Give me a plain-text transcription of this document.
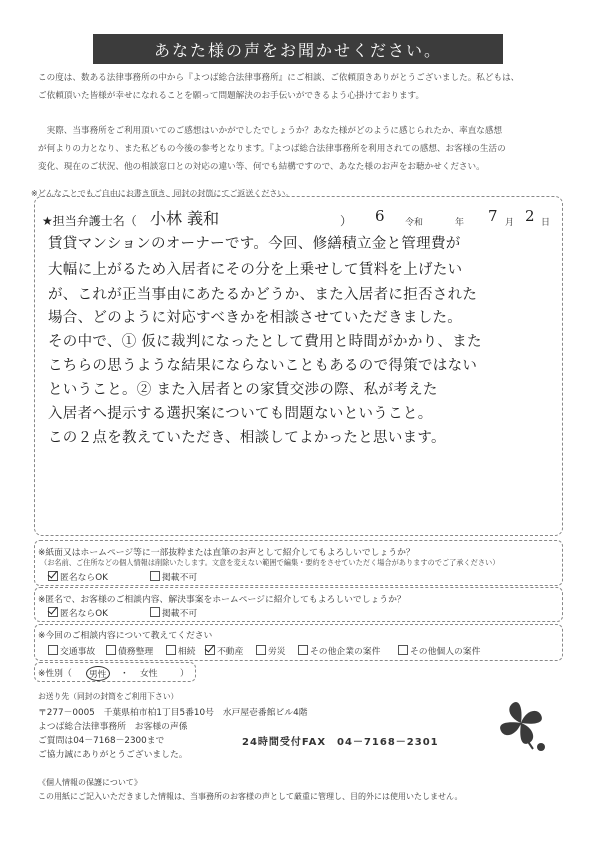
あなた様の声をお聞かせください。
この度は、数ある法律事務所の中から『よつば総合法律事務所』にご相談、ご依頼頂きありがとうございました。私どもは、
ご依頼頂いた皆様が幸せになれることを願って問題解決のお手伝いができるよう心掛けております。
　実際、当事務所をご利用頂いてのご感想はいかがでしたでしょうか？あなた様がどのように感じられたか、率直な感想
が何よりの力となり、また私どもの今後の参考となります。『よつば総合法律事務所を利用されての感想、お客様の生活の
変化、現在のご状況、他の相談窓口との対応の違い等、何でも結構ですので、あなた様のお声をお聴かせください。
※どんなことでもご自由にお書き頂き、同封の封筒にてご返送ください。
★担当弁護士名（ 小林 義和	） 6 令和	年 7 月 2 日
賃貸マンションのオーナーです。今回、修繕積立金と管理費が
大幅に上がるため入居者にその分を上乗せして賃料を上げたい
が、これが正当事由にあたるかどうか、また入居者に拒否された
場合、どのように対応すべきかを相談させていただきました。
その中で、① 仮に裁判になったとして費用と時間がかかり、また
こちらの思うような結果にならないこともあるので得策ではない
ということ。② また入居者との家賃交渉の際、私が考えた
入居者へ提示する選択案についても問題ないということ。
この２点を教えていただき、相談してよかったと思います。
※紙面又はホームページ等に一部抜粋または直筆のお声として紹介してもよろしいでしょうか？
（お名前、ご住所などの個人情報は削除いたします。文意を変えない範囲で編集・要約をさせていただく場合がありますのでご了承ください）
匿名ならOK	掲載不可
※匿名で、お客様のご相談内容、解決事案をホームページに紹介してもよろしいでしょうか？
匿名ならOK	掲載不可
※今回のご相談内容について教えてください
交通事故	債務整理	相続	不動産	労災	その他企業の案件	その他個人の案件
※性別（	男性	・ 女性	）
お送り先（同封の封筒をご利用下さい）
〒277－0005　千葉県柏市柏1丁目5番10号　水戸屋壱番館ビル4階
よつば総合法律事務所　お客様の声係
ご質問は04－7168－2300まで	24時間受付FAX　04－7168－2301
ご協力誠にありがとうございました。
《個人情報の保護について》
この用紙にご記入いただきました情報は、当事務所のお客様の声として厳重に管理し、目的外には使用いたしません。
